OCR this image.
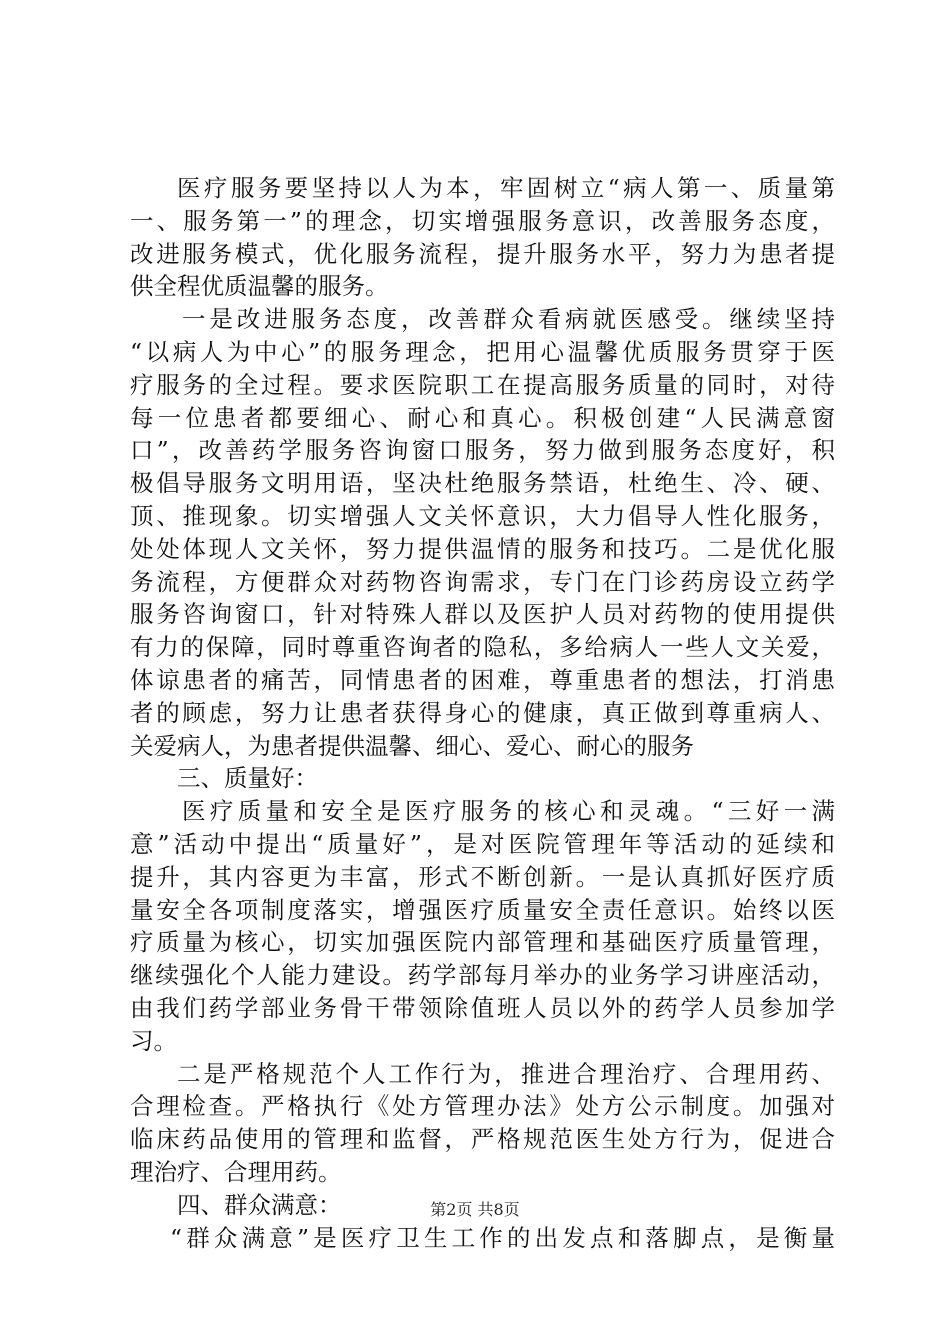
医疗服务要坚持以人为本，牢固树立“病人第一、质量第
一、服务第一”的理念，切实增强服务意识，改善服务态度，
改进服务模式，优化服务流程，提升服务水平，努力为患者提
供全程优质温馨的服务。
一是改进服务态度，改善群众看病就医感受。继续坚持
“以病人为中心”的服务理念，把用心温馨优质服务贯穿于医
疗服务的全过程。要求医院职工在提高服务质量的同时，对待
每一位患者都要细心、耐心和真心。积极创建“人民满意窗
口”，改善药学服务咨询窗口服务，努力做到服务态度好，积
极倡导服务文明用语，坚决杜绝服务禁语，杜绝生、冷、硬、
顶、推现象。切实增强人文关怀意识，大力倡导人性化服务，
处处体现人文关怀，努力提供温情的服务和技巧。二是优化服
务流程，方便群众对药物咨询需求，专门在门诊药房设立药学
服务咨询窗口，针对特殊人群以及医护人员对药物的使用提供
有力的保障，同时尊重咨询者的隐私，多给病人一些人文关爱，
体谅患者的痛苦，同情患者的困难，尊重患者的想法，打消患
者的顾虑，努力让患者获得身心的健康，真正做到尊重病人、
关爱病人，为患者提供温馨、细心、爱心、耐心的服务
三、质量好：
医疗质量和安全是医疗服务的核心和灵魂。“三好一满
意”活动中提出“质量好”，是对医院管理年等活动的延续和
提升，其内容更为丰富，形式不断创新。一是认真抓好医疗质
量安全各项制度落实，增强医疗质量安全责任意识。始终以医
疗质量为核心，切实加强医院内部管理和基础医疗质量管理，
继续强化个人能力建设。药学部每月举办的业务学习讲座活动，
由我们药学部业务骨干带领除值班人员以外的药学人员参加学
习。
二是严格规范个人工作行为，推进合理治疗、合理用药、
合理检查。严格执行《处方管理办法》处方公示制度。加强对
临床药品使用的管理和监督，严格规范医生处方行为，促进合
理治疗、合理用药。
四、群众满意：
“群众满意”是医疗卫生工作的出发点和落脚点，是衡量
第2页 共8页
